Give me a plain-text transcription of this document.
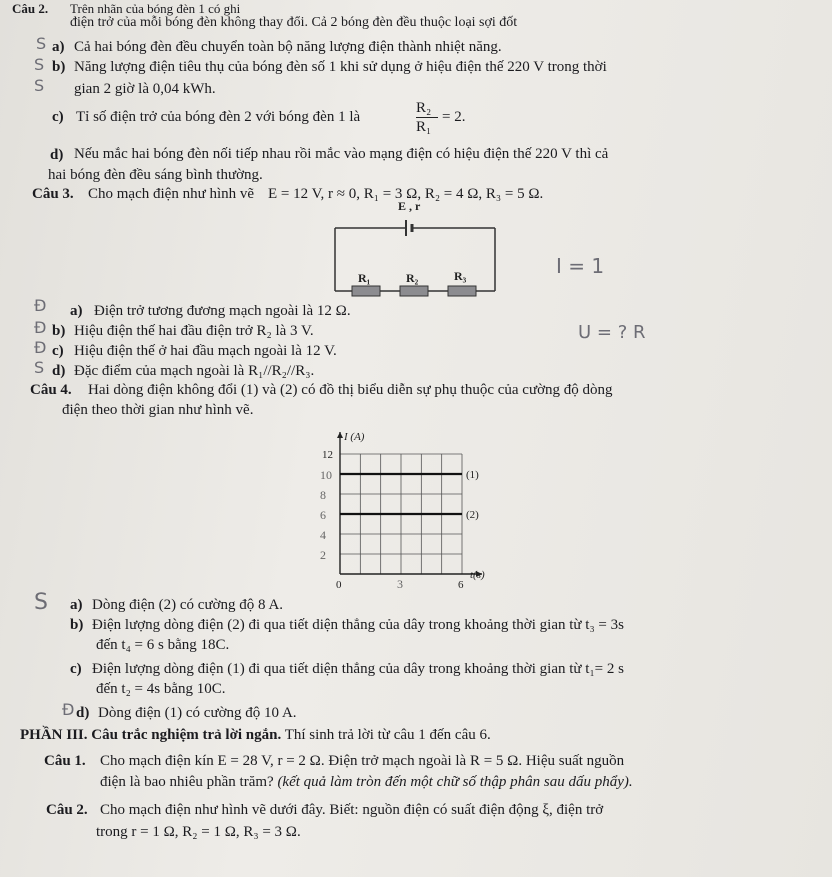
Câu 2. Trên nhãn của bóng đèn 1 có ghi
điện trở của mỗi bóng đèn không thay đổi. Cả 2 bóng đèn đều thuộc loại sợi đốt
S a) Cả hai bóng đèn đều chuyển toàn bộ năng lượng điện thành nhiệt năng.
S b) Năng lượng điện tiêu thụ của bóng đèn số 1 khi sử dụng ở hiệu điện thế 220 V trong thời
gian 2 giờ là 0,04 kWh.
S
c) Tỉ số điện trở của bóng đèn 2 với bóng đèn 1 là
R₂
R₁
= 2.
d) Nếu mắc hai bóng đèn nối tiếp nhau rồi mắc vào mạng điện có hiệu điện thế 220 V thì cả
hai bóng đèn đều sáng bình thường.
Câu 3. Cho mạch điện như hình vẽ E = 12 V, r ≈ 0, R₁ = 3 Ω, R₂ = 4 Ω, R₃ = 5 Ω.
E , r
R₁	R₂	R₃	I = 1
U = ? R
Đ a) Điện trở tương đương mạch ngoài là 12 Ω.
Đ b) Hiệu điện thế hai đầu điện trở R₂ là 3 V.
Đ c) Hiệu điện thế ở hai đầu mạch ngoài là 12 V.
S d) Đặc điểm của mạch ngoài là R₁//R₂//R₃.
Câu 4. Hai dòng điện không đổi (1) và (2) có đồ thị biểu diễn sự phụ thuộc của cường độ dòng
điện theo thời gian như hình vẽ.
(1)
(2)
I (A)
t(s)
12
0	6
10
8
6
4
2
3
S a) Dòng điện (2) có cường độ 8 A.
b) Điện lượng dòng điện (2) đi qua tiết diện thẳng của dây trong khoảng thời gian từ t₃ = 3s
đến t₄ = 6 s bằng 18C.
c) Điện lượng dòng điện (1) đi qua tiết diện thẳng của dây trong khoảng thời gian từ t₁= 2 s
đến t₂ = 4s bằng 10C.
Đ d) Dòng điện (1) có cường độ 10 A.
PHẦN III. Câu trắc nghiệm trả lời ngắn. Thí sinh trả lời từ câu 1 đến câu 6.
Câu 1. Cho mạch điện kín E = 28 V, r = 2 Ω. Điện trở mạch ngoài là R = 5 Ω. Hiệu suất nguồn
điện là bao nhiêu phần trăm? (kết quả làm tròn đến một chữ số thập phân sau dấu phẩy).
Câu 2. Cho mạch điện như hình vẽ dưới đây. Biết: nguồn điện có suất điện động ξ, điện trở
trong r = 1 Ω, R₂ = 1 Ω, R₃ = 3 Ω.
